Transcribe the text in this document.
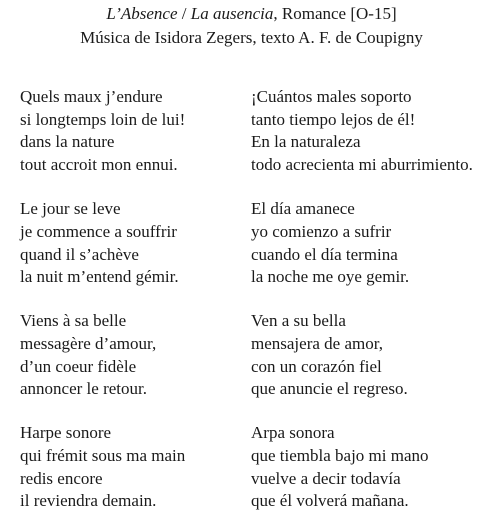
L’Absence / La ausencia, Romance [O-15]
Música de Isidora Zegers, texto A. F. de Coupigny
Quels maux j’endure
si longtemps loin de lui!
dans la nature
tout accroit mon ennui.
Le jour se leve
je commence a souffrir
quand il s’achève
la nuit m’entend gémir.
Viens à sa belle
messagère d’amour,
d’un coeur fidèle
annoncer le retour.
Harpe sonore
qui frémit sous ma main
redis encore
il reviendra demain.
¡Cuántos males soporto
tanto tiempo lejos de él!
En la naturaleza
todo acrecienta mi aburrimiento.
El día amanece
yo comienzo a sufrir
cuando el día termina
la noche me oye gemir.
Ven a su bella
mensajera de amor,
con un corazón fiel
que anuncie el regreso.
Arpa sonora
que tiembla bajo mi mano
vuelve a decir todavía
que él volverá mañana.
